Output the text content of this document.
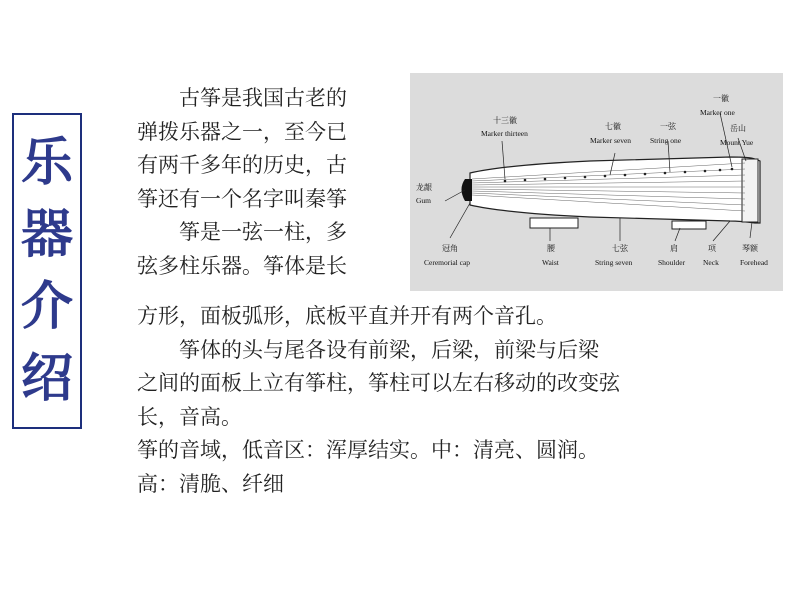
乐
器
介
绍
古筝是我国古老的
弹拨乐器之一，至今已
有两千多年的历史，古
筝还有一个名字叫秦筝
筝是一弦一柱，多
弦多柱乐器。筝体是长
方形，面板弧形，底板平直并开有两个音孔。
筝体的头与尾各设有前梁，后梁，前梁与后梁
之间的面板上立有筝柱，筝柱可以左右移动的改变弦
长，音高。
筝的音域，低音区：浑厚结实。中：清亮、圆润。
高：清脆、纤细
十三徽
Marker thirteen
七徽
Marker seven
一弦
String one
一徽
Marker one
岳山
Mount Yue
龙龈
Gum
冠角
Ceremorial cap
腰
Waist
七弦
String seven
肩
Shoulder
项
Neck
琴额
Forehead
